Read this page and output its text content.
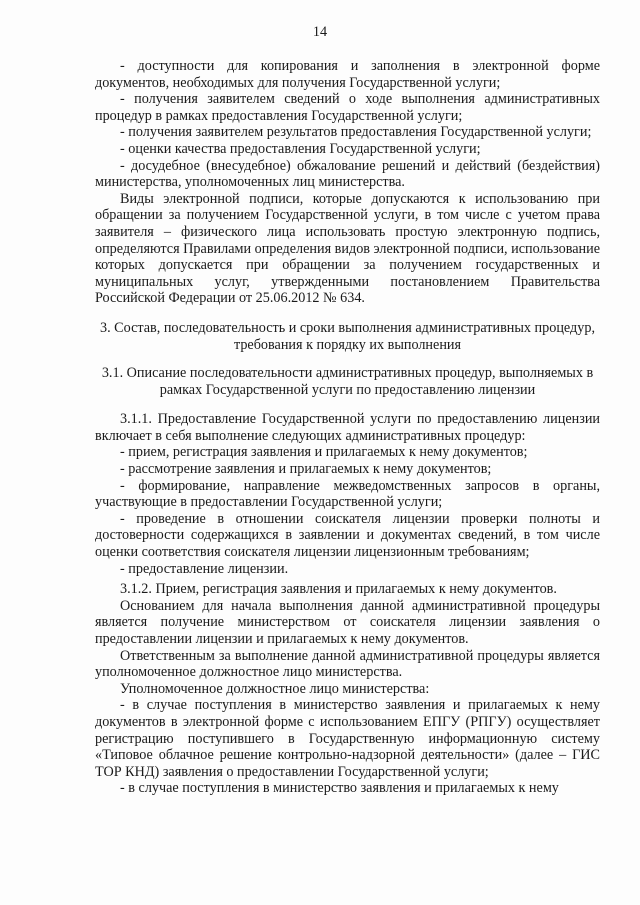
14

- доступности для копирования и заполнения в электронной форме документов, необходимых для получения Государственной услуги;

- получения заявителем сведений о ходе выполнения административных процедур в рамках предоставления Государственной услуги;

- получения заявителем результатов предоставления Государственной услуги;

- оценки качества предоставления Государственной услуги;

- досудебное (внесудебное) обжалование решений и действий (бездействия) министерства, уполномоченных лиц министерства.

Виды электронной подписи, которые допускаются к использованию при обращении за получением Государственной услуги, в том числе с учетом права заявителя – физического лица использовать простую электронную подпись, определяются Правилами определения видов электронной подписи, использование которых допускается при обращении за получением государственных и муниципальных услуг, утвержденными постановлением Правительства Российской Федерации от 25.06.2012 № 634.

3. Состав, последовательность и сроки выполнения административных процедур, требования к порядку их выполнения

3.1. Описание последовательности административных процедур, выполняемых в рамках Государственной услуги по предоставлению лицензии

3.1.1. Предоставление Государственной услуги по предоставлению лицензии включает в себя выполнение следующих административных процедур:

- прием, регистрация заявления и прилагаемых к нему документов;

- рассмотрение заявления и прилагаемых к нему документов;

- формирование, направление межведомственных запросов в органы, участвующие в предоставлении Государственной услуги;

- проведение в отношении соискателя лицензии проверки полноты и достоверности содержащихся в заявлении и документах сведений, в том числе оценки соответствия соискателя лицензии лицензионным требованиям;

- предоставление лицензии.

3.1.2. Прием, регистрация заявления и прилагаемых к нему документов.

Основанием для начала выполнения данной административной процедуры является получение министерством от соискателя лицензии заявления о предоставлении лицензии и прилагаемых к нему документов.

Ответственным за выполнение данной административной процедуры является уполномоченное должностное лицо министерства.

Уполномоченное должностное лицо министерства:

- в случае поступления в министерство заявления и прилагаемых к нему документов в электронной форме с использованием ЕПГУ (РПГУ) осуществляет регистрацию поступившего в Государственную информационную систему «Типовое облачное решение контрольно-надзорной деятельности» (далее – ГИС ТОР КНД) заявления о предоставлении Государственной услуги;

- в случае поступления в министерство заявления и прилагаемых к нему
